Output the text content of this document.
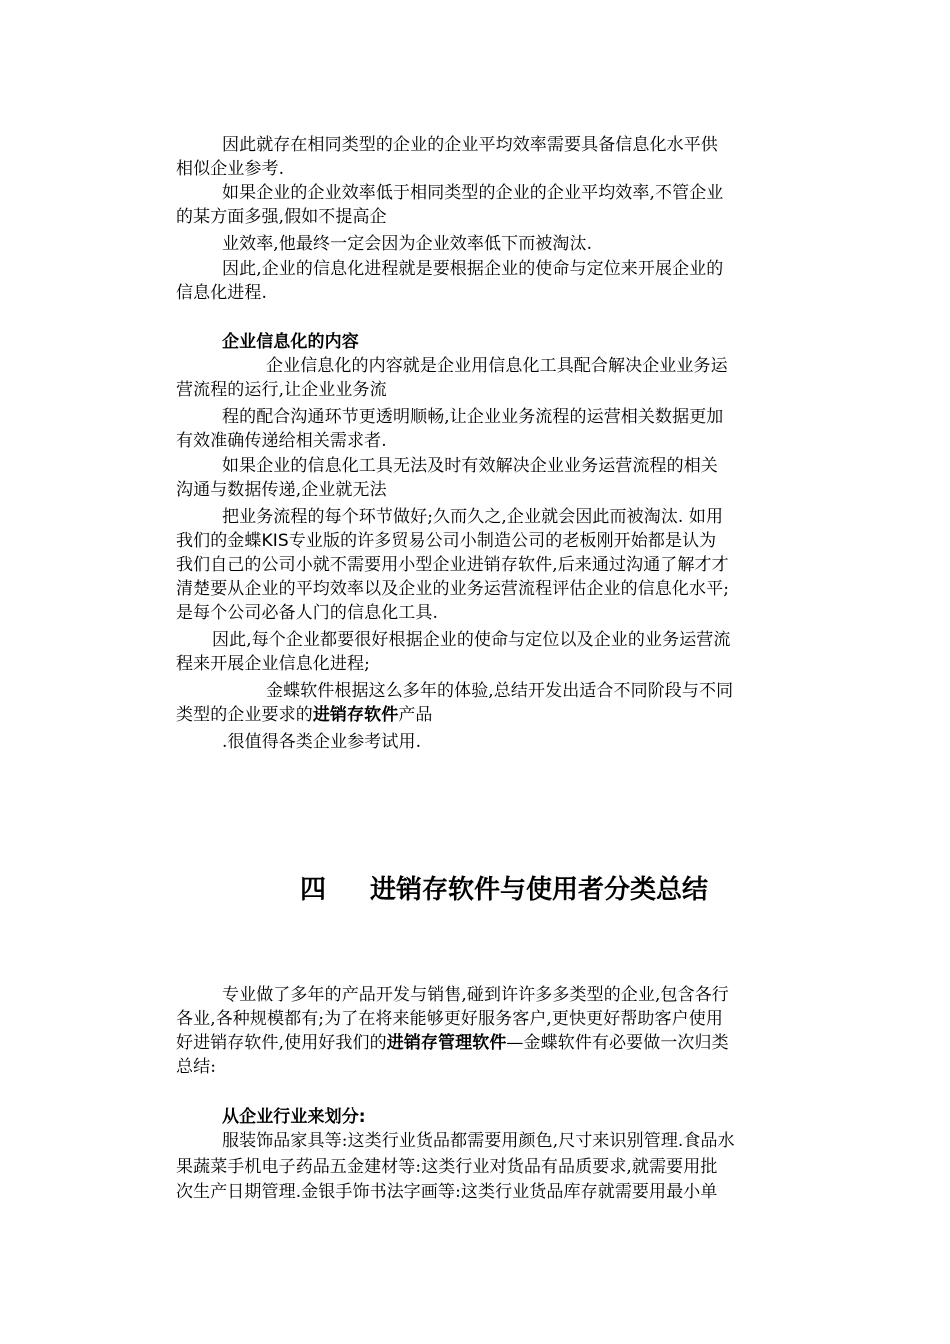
因此就存在相同类型的企业的企业平均效率需要具备信息化水平供
相似企业参考.
如果企业的企业效率低于相同类型的企业的企业平均效率,不管企业
的某方面多强,假如不提高企
业效率,他最终一定会因为企业效率低下而被淘汰.
因此,企业的信息化进程就是要根据企业的使命与定位来开展企业的
信息化进程.
企业信息化的内容
企业信息化的内容就是企业用信息化工具配合解决企业业务运
营流程的运行,让企业业务流
程的配合沟通环节更透明顺畅,让企业业务流程的运营相关数据更加
有效准确传递给相关需求者.
如果企业的信息化工具无法及时有效解决企业业务运营流程的相关
沟通与数据传递,企业就无法
把业务流程的每个环节做好;久而久之,企业就会因此而被淘汰. 如用
我们的金蝶KIS专业版的许多贸易公司小制造公司的老板刚开始都是认为
我们自己的公司小就不需要用小型企业进销存软件,后来通过沟通了解才才
清楚要从企业的平均效率以及企业的业务运营流程评估企业的信息化水平;
是每个公司必备人门的信息化工具.
因此,每个企业都要很好根据企业的使命与定位以及企业的业务运营流
程来开展企业信息化进程;
金蝶软件根据这么多年的体验,总结开发出适合不同阶段与不同
类型的企业要求的进销存软件产品
.很值得各类企业参考试用.
四 进销存软件与使用者分类总结
专业做了多年的产品开发与销售,碰到许许多多类型的企业,包含各行
各业,各种规模都有;为了在将来能够更好服务客户,更快更好帮助客户使用
好进销存软件,使用好我们的进销存管理软件—金蝶软件有必要做一次归类
总结:
从企业行业来划分:
服装饰品家具等:这类行业货品都需要用颜色,尺寸来识别管理.食品水
果蔬菜手机电子药品五金建材等:这类行业对货品有品质要求,就需要用批
次生产日期管理.金银手饰书法字画等:这类行业货品库存就需要用最小单
